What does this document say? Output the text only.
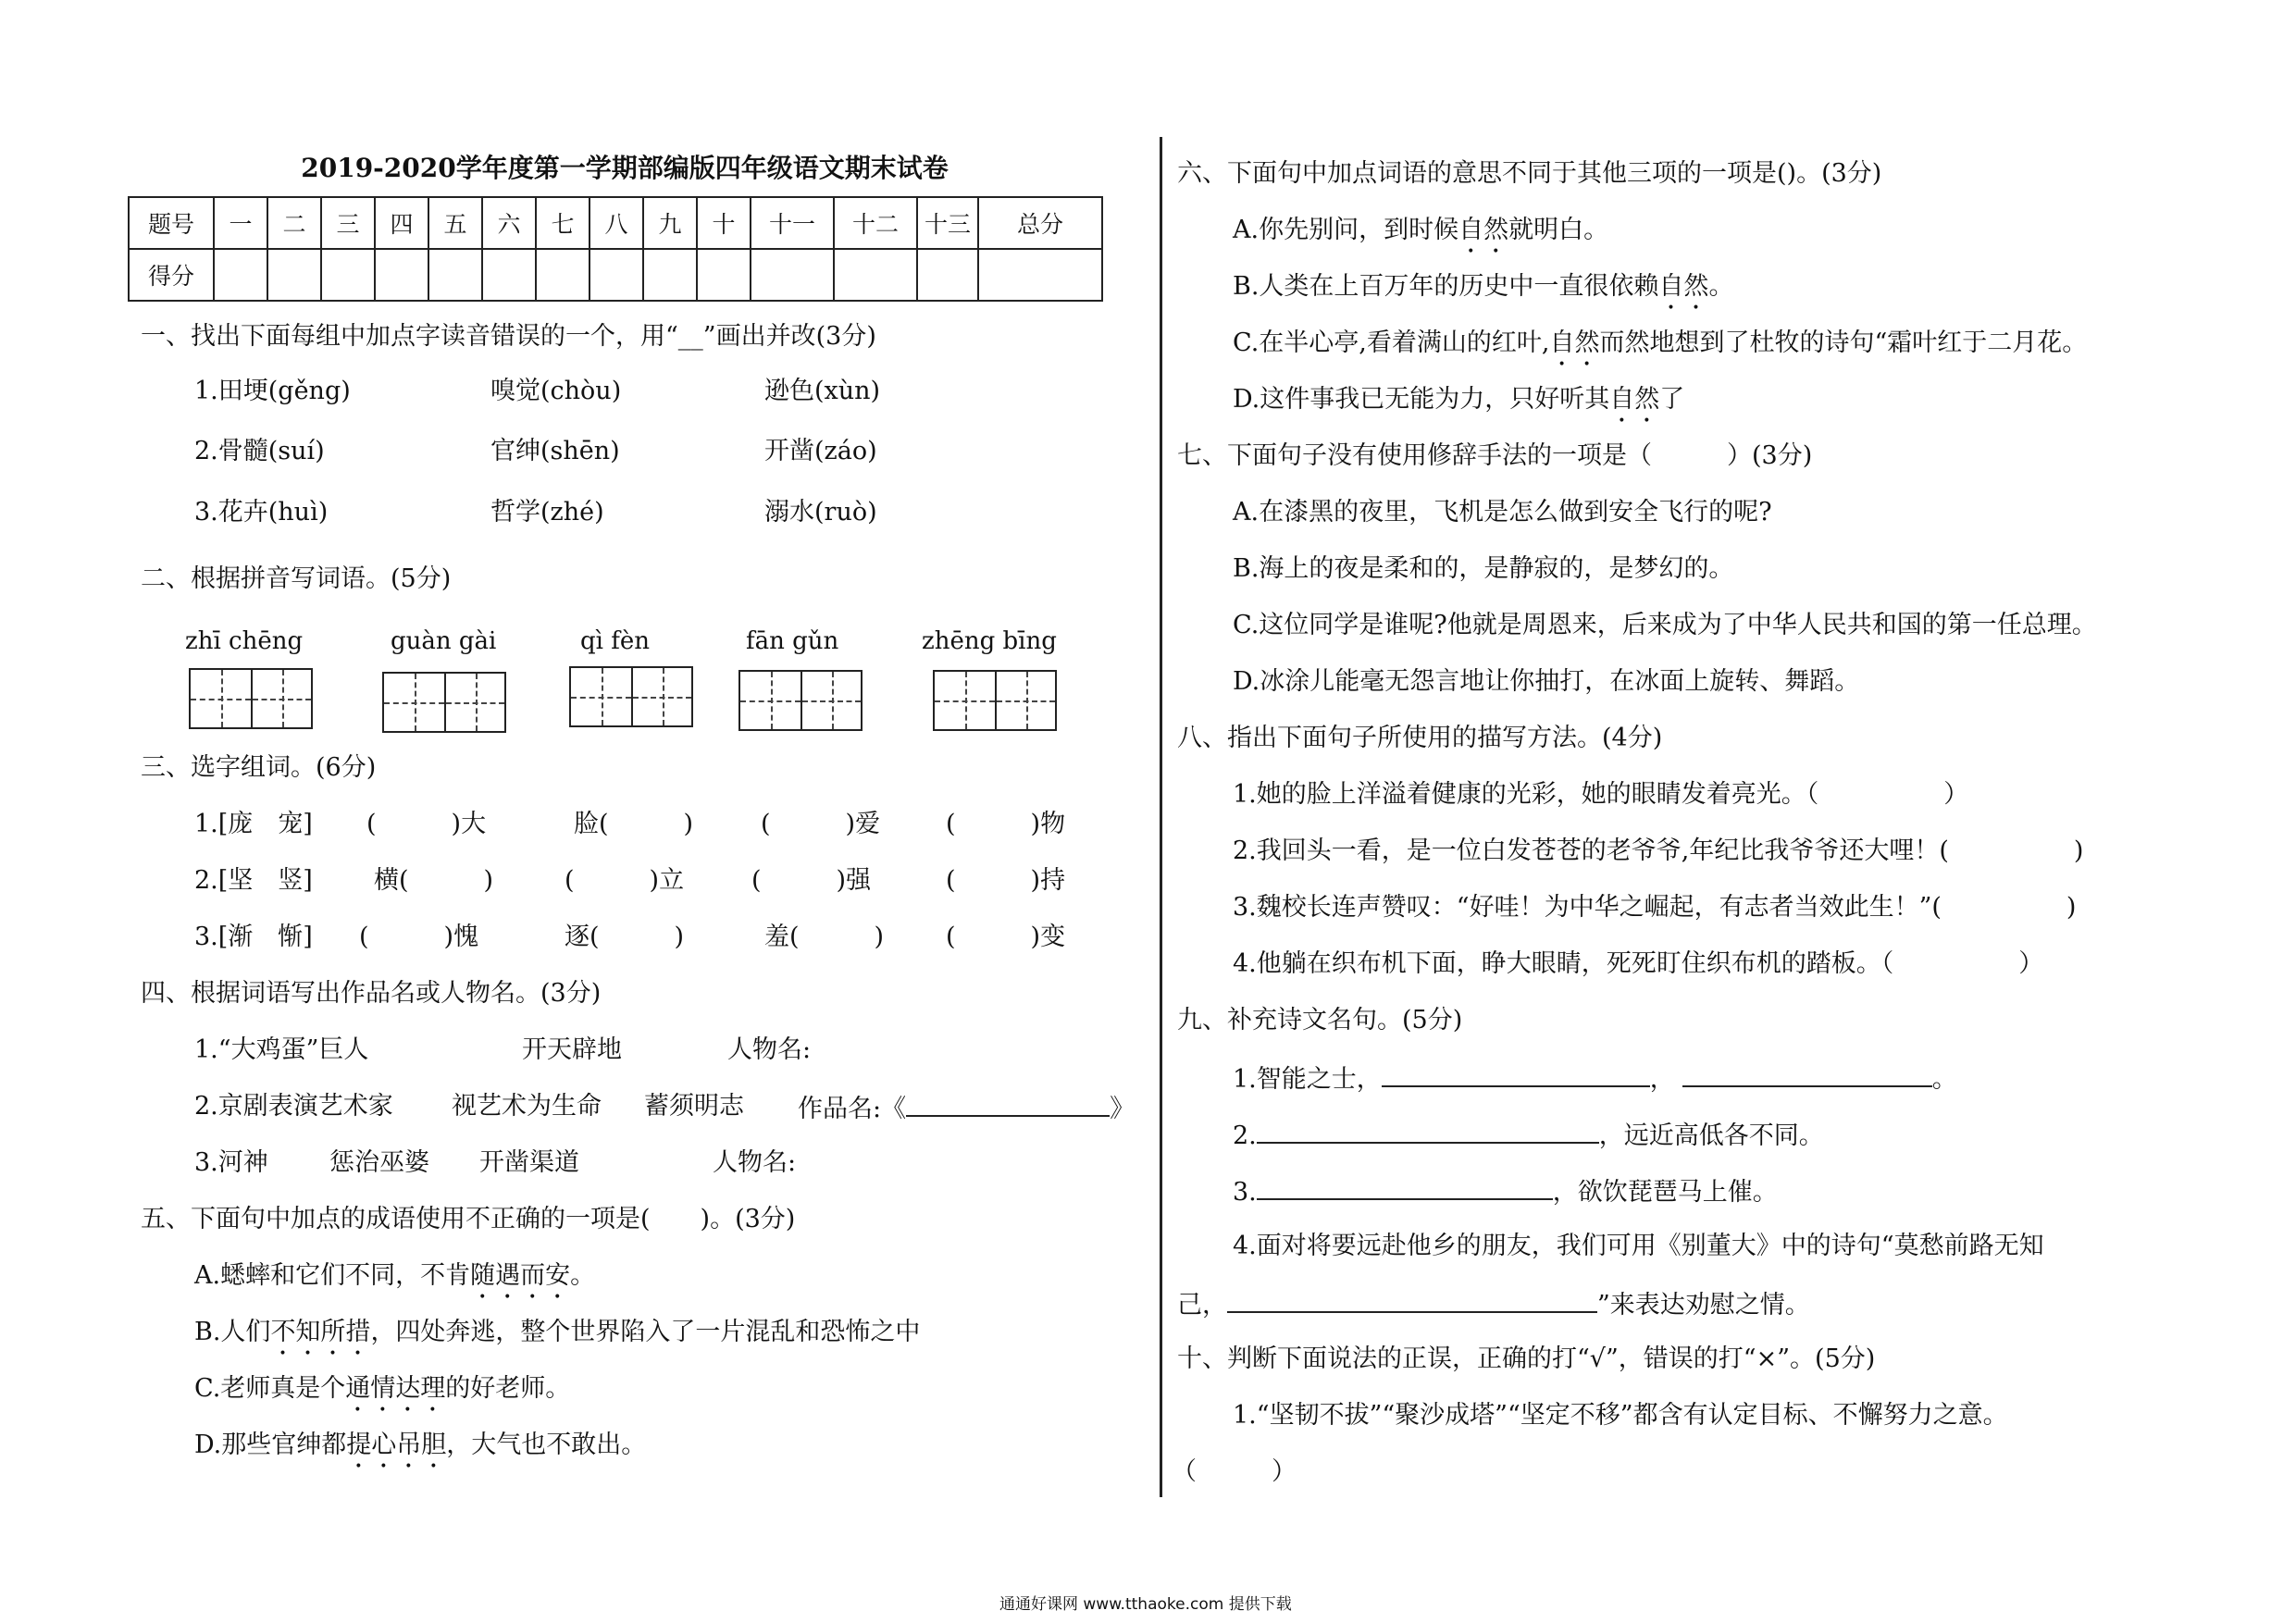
2019-2020学年度第一学期部编版四年级语文期末试卷
题号	一	二	三	四	五	六	七	八	九	十	十一	十二	十三	总分
得分														
一、找出下面每组中加点字读音错误的一个，用“__”画出并改(3分)
1.田埂(gěng)	嗅觉(chòu)	逊色(xùn)
2.骨髓(suí)	官绅(shēn)	开凿(záo)
3.花卉(huì)	哲学(zhé)	溺水(ruò)
二、根据拼音写词语。(5分)
zhī chēng	guàn gài	qì fèn	fān gǔn	zhēng bīng
三、选字组词。(6分)
1.[庞　宠] (　　　)大	脸(　　　)	(　　　)爱	(　　　)物
2.[坚　竖] 横(　　　)	(　　　)立	(　　　)强	(　　　)持
3.[渐　惭] (　　　)愧	逐(　　　)	羞(　　　) (　　　)变
四、根据词语写出作品名或人物名。(3分)
1.“大鸡蛋”巨人	开天辟地	人物名:
2.京剧表演艺术家 视艺术为生命 蓄须明志 作品名:《	》
3.河神 惩治巫婆 开凿渠道	人物名:
五、下面句中加点的成语使用不正确的一项是(　　)。(3分)
A.蟋蟀和它们不同，不肯随遇而安。
B.人们不知所措，四处奔逃，整个世界陷入了一片混乱和恐怖之中
C.老师真是个通情达理的好老师。
D.那些官绅都提心吊胆，大气也不敢出。
六、下面句中加点词语的意思不同于其他三项的一项是()。(3分)
A.你先别问，到时候自然就明白。
B.人类在上百万年的历史中一直很依赖自然。
C.在半心亭,看着满山的红叶,自然而然地想到了杜牧的诗句“霜叶红于二月花。
D.这件事我已无能为力，只好听其自然了
七、下面句子没有使用修辞手法的一项是（　　　）(3分)
A.在漆黑的夜里，飞机是怎么做到安全飞行的呢?
B.海上的夜是柔和的，是静寂的，是梦幻的。
C.这位同学是谁呢?他就是周恩来，后来成为了中华人民共和国的第一任总理。
D.冰涂儿能毫无怨言地让你抽打，在冰面上旋转、舞蹈。
八、指出下面句子所使用的描写方法。(4分)
1.她的脸上洋溢着健康的光彩，她的眼睛发着亮光。（　　　　　）
2.我回头一看，是一位白发苍苍的老爷爷,年纪比我爷爷还大哩！(　　　　　)
3.魏校长连声赞叹：“好哇！为中华之崛起，有志者当效此生！”(　　　　　)
4.他躺在织布机下面，睁大眼睛，死死盯住织布机的踏板。（　　　　　）
九、补充诗文名句。(5分)
1.智能之士，	，	。
2.	，远近高低各不同。
3.	，欲饮琵琶马上催。
4.面对将要远赴他乡的朋友，我们可用《别董大》中的诗句“莫愁前路无知
己，	”来表达劝慰之情。
十、判断下面说法的正误，正确的打“√”，错误的打“×”。(5分)
1.“坚韧不拔”“聚沙成塔”“坚定不移”都含有认定目标、不懈努力之意。
（　　　）
通通好课网 www.tthaoke.com 提供下载
